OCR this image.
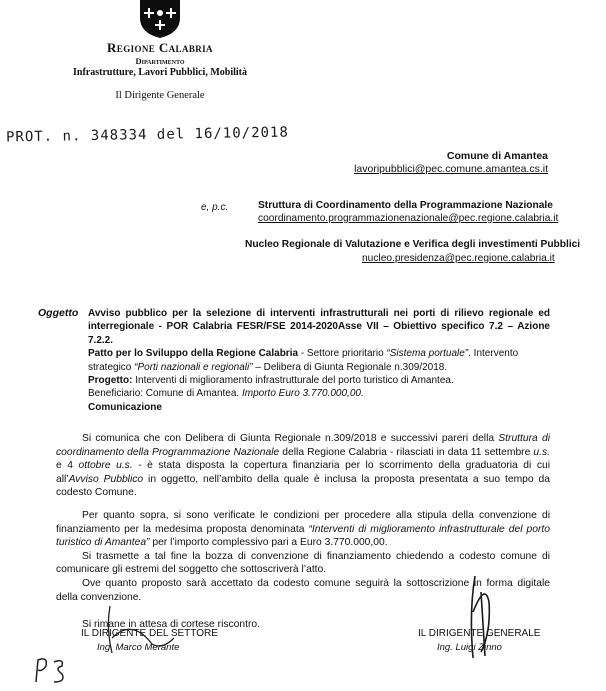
Regione Calabria
Dipartimento
Infrastrutture, Lavori Pubblici, Mobilità
Il Dirigente Generale
PROT. n. 348334 del 16/10/2018
Comune di Amantea
lavoripubblici@pec.comune.amantea.cs.it
e, p.c.	Struttura di Coordinamento della Programmazione Nazionale
coordinamento.programmazionenazionale@pec.regione.calabria.it
Nucleo Regionale di Valutazione e Verifica degli investimenti Pubblici
nucleo.presidenza@pec.regione.calabria.it
Oggetto Avviso pubblico per la selezione di interventi infrastrutturali nei porti di rilievo regionale ed interregionale - POR Calabria FESR/FSE 2014-2020Asse VII – Obiettivo specifico 7.2 – Azione 7.2.2.
Patto per lo Sviluppo della Regione Calabria - Settore prioritario “Sistema portuale”. Intervento strategico “Porti nazionali e regionali” – Delibera di Giunta Regionale n.309/2018.
Progetto: Interventi di miglioramento infrastrutturale del porto turistico di Amantea.
Beneficiario: Comune di Amantea. Importo Euro 3.770.000,00.
Comunicazione

Si comunica che con Delibera di Giunta Regionale n.309/2018 e successivi pareri della Struttura di coordinamento della Programmazione Nazionale della Regione Calabria - rilasciati in data 11 settembre u.s. e 4 ottobre u.s. - è stata disposta la copertura finanziaria per lo scorrimento della graduatoria di cui all’Avviso Pubblico in oggetto, nell’ambito della quale è inclusa la proposta presentata a suo tempo da codesto Comune.

Per quanto sopra, si sono verificate le condizioni per procedere alla stipula della convenzione di finanziamento per la medesima proposta denominata “Interventi di miglioramento infrastrutturale del porto turistico di Amantea” per l’importo complessivo pari a Euro 3.770.000,00.

Si trasmette a tal fine la bozza di convenzione di finanziamento chiedendo a codesto comune di comunicare gli estremi del soggetto che sottoscriverà l’atto.

Ove quanto proposto sarà accettato da codesto comune seguirà la sottoscrizione in forma digitale della convenzione.

Si rimane in attesa di cortese riscontro.

IL DIRIGENTE DEL SETTORE
Ing. Marco Merante
IL DIRIGENTE GENERALE
Ing. Luigi Zinno
